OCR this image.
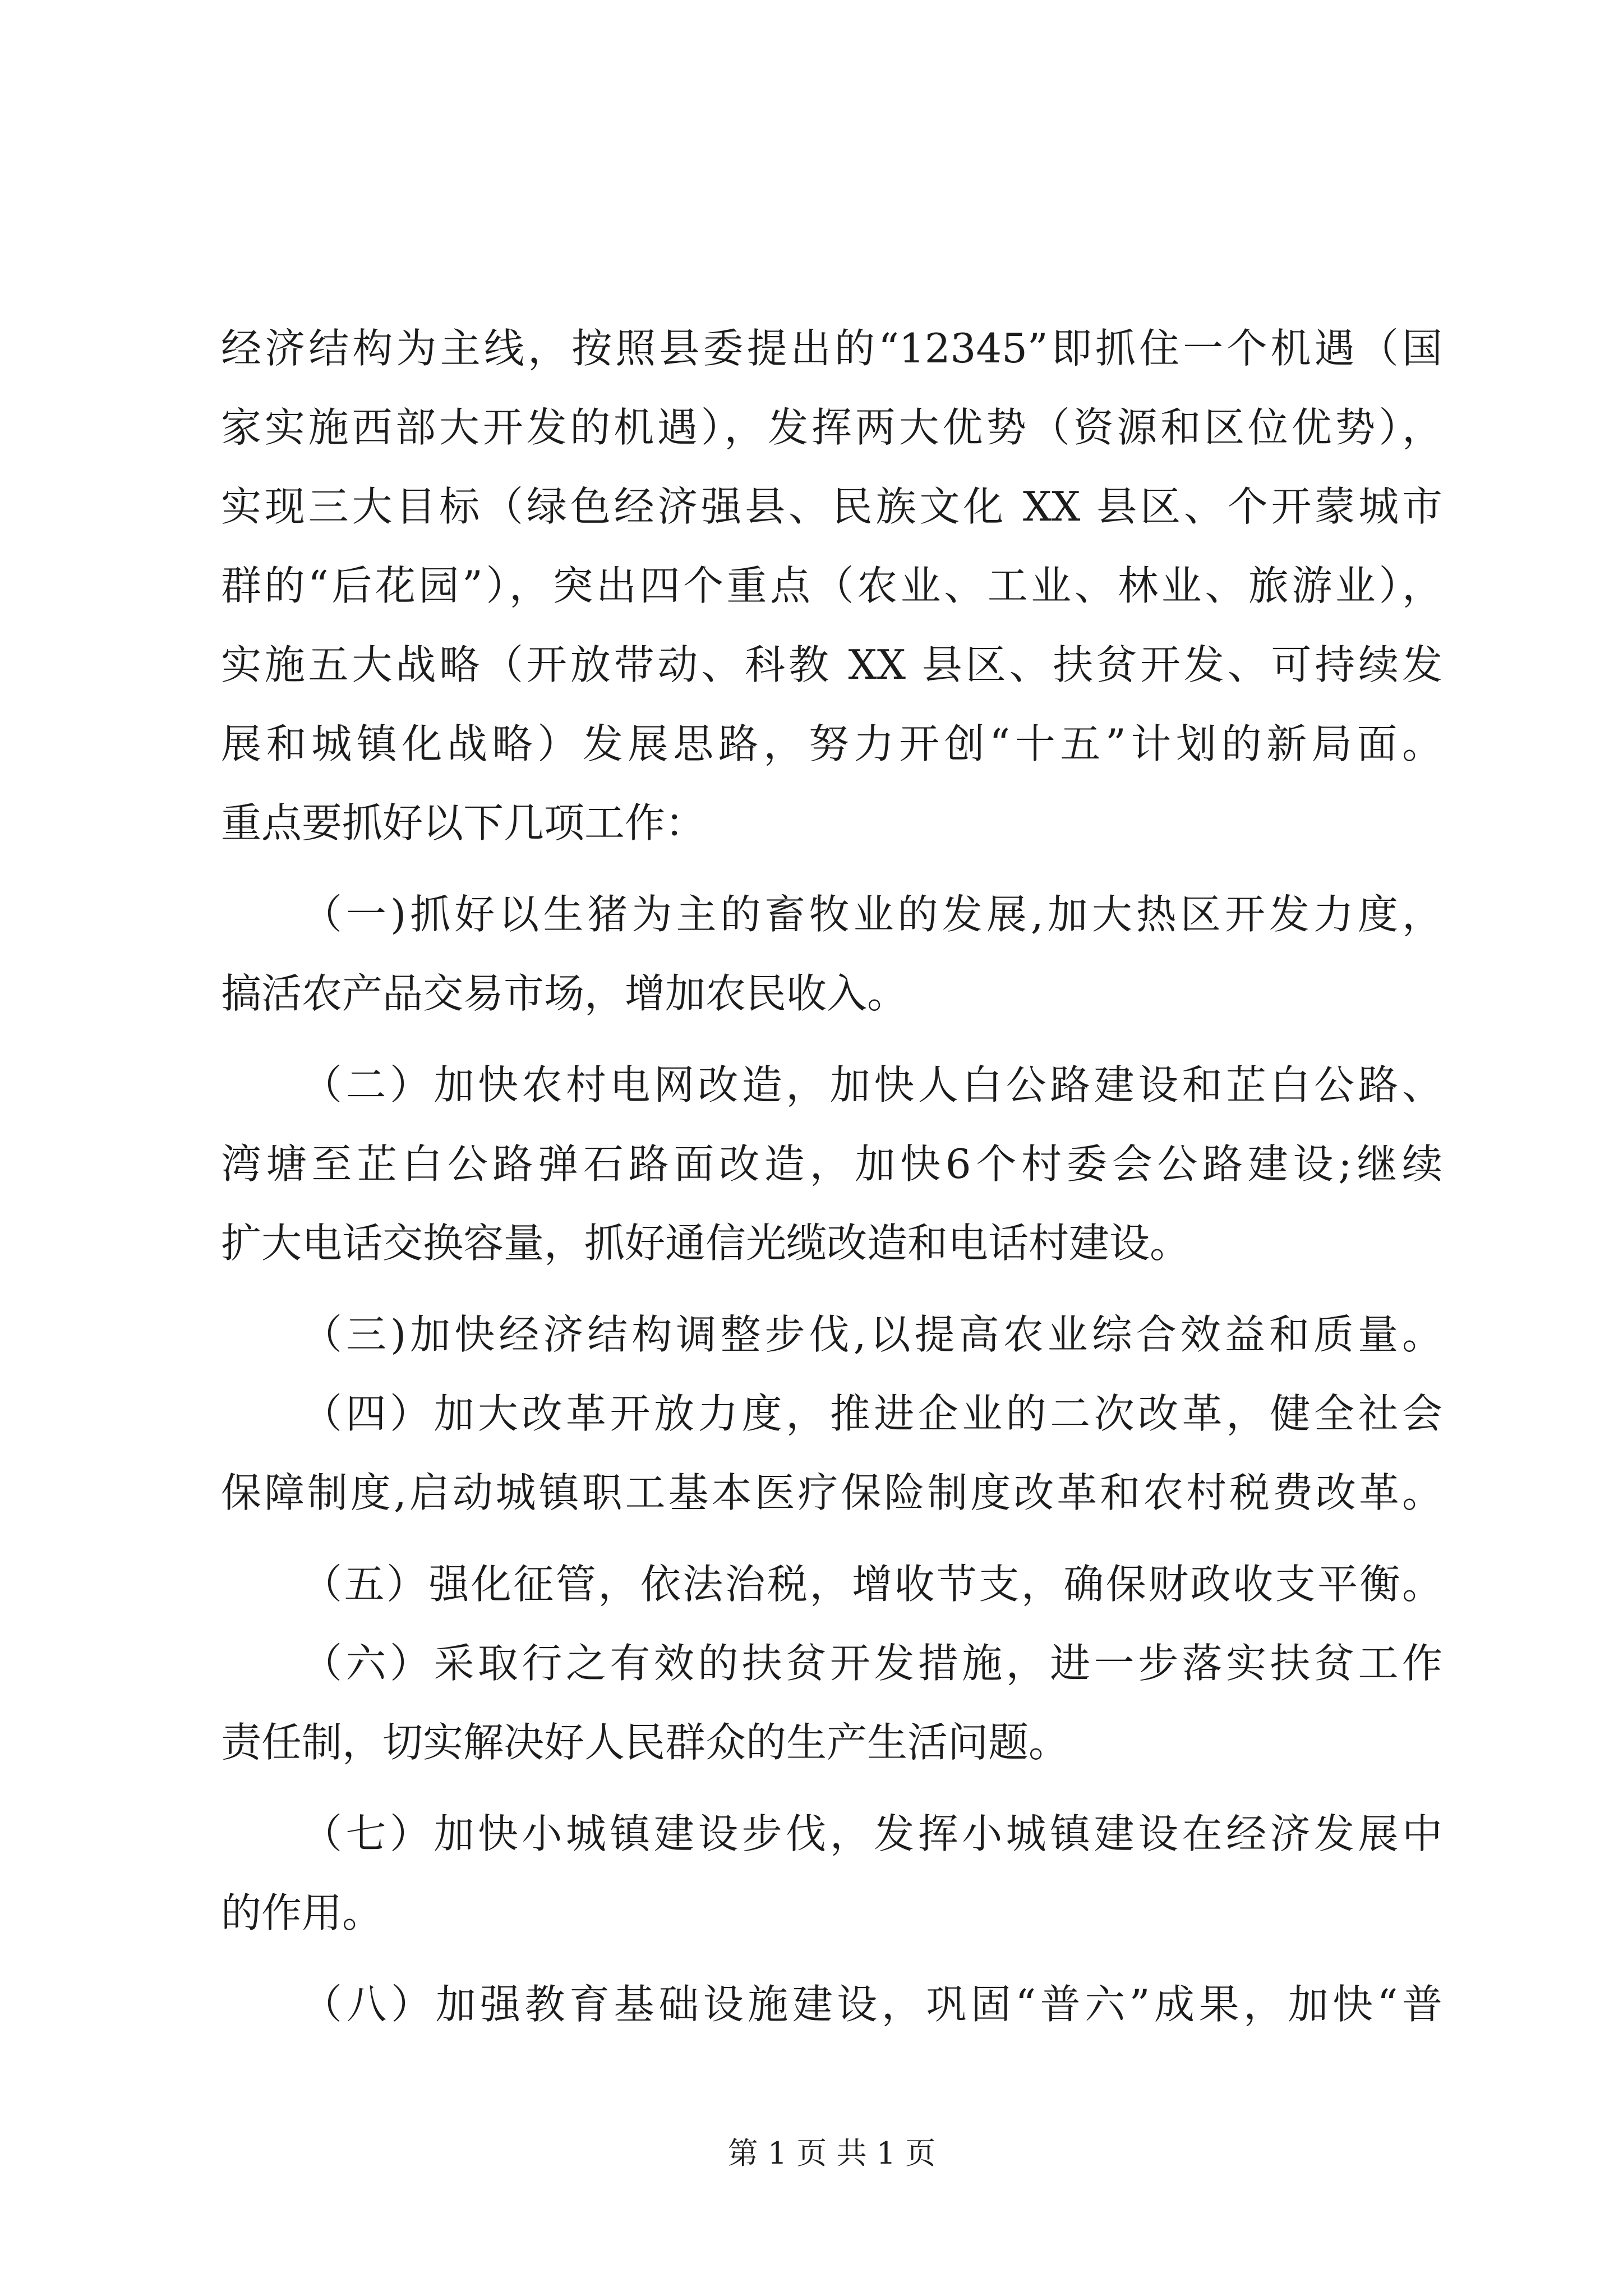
经济结构为主线，按照县委提出的“12345”即抓住一个机遇（国
家实施西部大开发的机遇），发挥两大优势（资源和区位优势），
实现三大目标（绿色经济强县、民族文化 XX 县区、个开蒙城市
群的“后花园”），突出四个重点（农业、工业、林业、旅游业），
实施五大战略（开放带动、科教 XX 县区、扶贫开发、可持续发
展和城镇化战略）发展思路，努力开创“十五”计划的新局面。
重点要抓好以下几项工作：
（一)抓好以生猪为主的畜牧业的发展,加大热区开发力度，
搞活农产品交易市场，增加农民收入。
（二）加快农村电网改造，加快人白公路建设和芷白公路、
湾塘至芷白公路弹石路面改造，加快6个村委会公路建设;继续
扩大电话交换容量，抓好通信光缆改造和电话村建设。
（三)加快经济结构调整步伐,以提高农业综合效益和质量。
（四）加大改革开放力度，推进企业的二次改革，健全社会
保障制度,启动城镇职工基本医疗保险制度改革和农村税费改革。
（五）强化征管，依法治税，增收节支，确保财政收支平衡。
（六）采取行之有效的扶贫开发措施，进一步落实扶贫工作
责任制，切实解决好人民群众的生产生活问题。
（七）加快小城镇建设步伐，发挥小城镇建设在经济发展中
的作用。
（八）加强教育基础设施建设，巩固“普六”成果，加快“普
第 1 页 共 1 页
